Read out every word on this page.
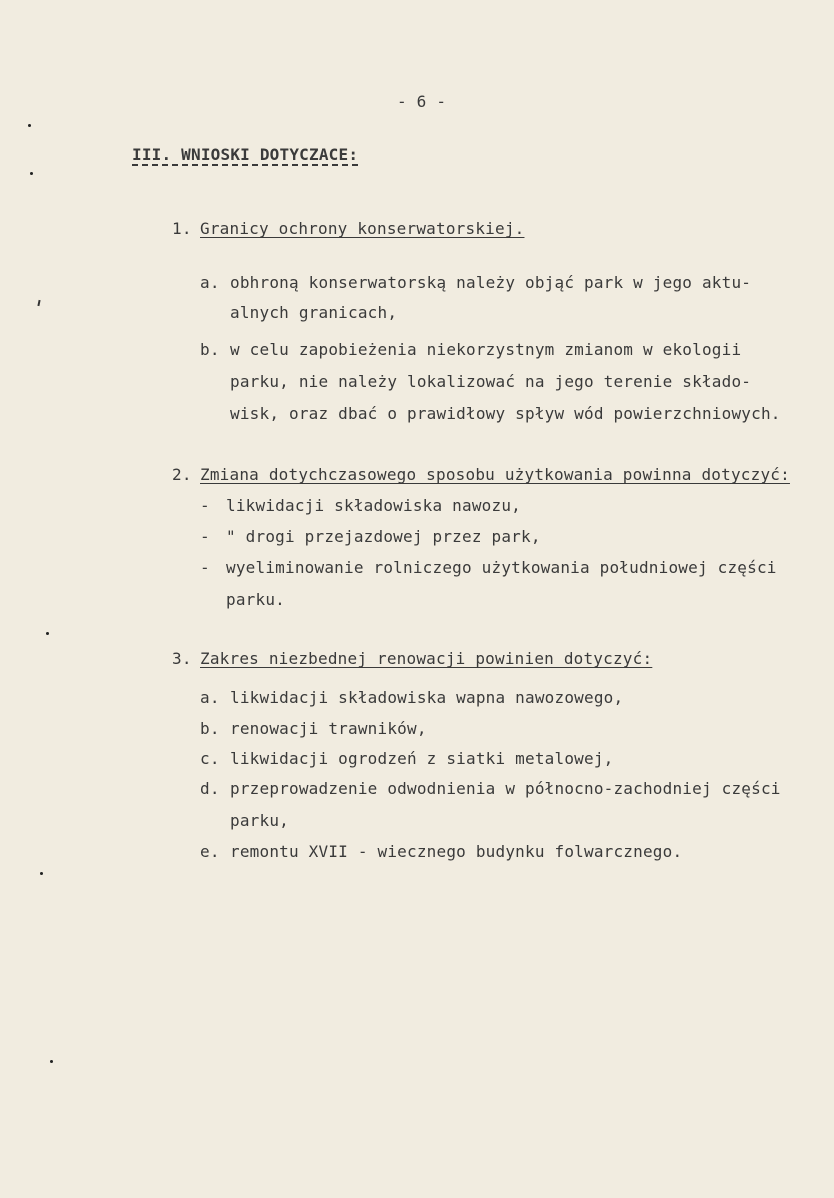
- 6 -
III. WNIOSKI DOTYCZACE:
1. Granicy ochrony konserwatorskiej.
a. obhroną konserwatorską należy objąć park w jego aktu-
alnych granicach,
b. w celu zapobieżenia niekorzystnym zmianom w ekologii
parku, nie należy lokalizować na jego terenie składo-
wisk, oraz dbać o prawidłowy spływ wód powierzchniowych.
2. Zmiana dotychczasowego sposobu użytkowania powinna dotyczyć:
- likwidacji składowiska nawozu,
- " drogi przejazdowej przez park,
- wyeliminowanie rolniczego użytkowania południowej części
parku.
3. Zakres niezbednej renowacji powinien dotyczyć:
a. likwidacji składowiska wapna nawozowego,
b. renowacji trawników,
c. likwidacji ogrodzeń z siatki metalowej,
d. przeprowadzenie odwodnienia w północno-zachodniej części
parku,
e. remontu XVII - wiecznego budynku folwarcznego.
